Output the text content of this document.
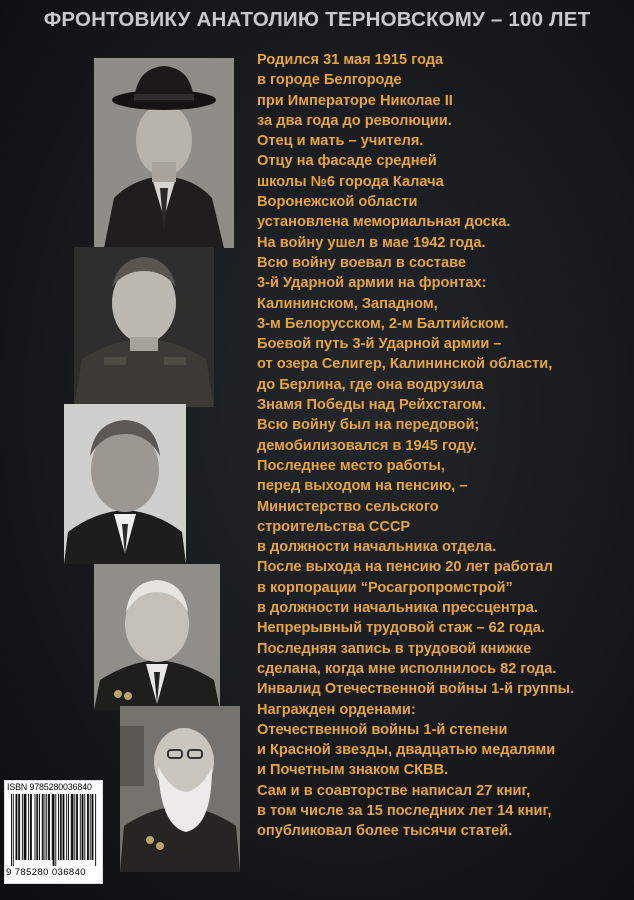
ФРОНТОВИКУ АНАТОЛИЮ ТЕРНОВСКОМУ – 100 ЛЕТ
Родился 31 мая 1915 года
в городе Белгороде
при Императоре Николае II
за два года до революции.
Отец и мать – учителя.
Отцу на фасаде средней
школы №6 города Калача
Воронежской области
установлена мемориальная доска.
На войну ушел в мае 1942 года.
Всю войну воевал в составе
3-й Ударной армии на фронтах:
Калининском, Западном,
3-м Белорусском, 2-м Балтийском.
Боевой путь 3-й Ударной армии –
от озера Селигер, Калининской области,
до Берлина, где она водрузила
Знамя Победы над Рейхстагом.
Всю войну был на передовой;
демобилизовался в 1945 году.
Последнее место работы,
перед выходом на пенсию, –
Министерство сельского
строительства СССР
в должности начальника отдела.
После выхода на пенсию 20 лет работал
в корпорации “Росагропромстрой”
в должности начальника прессцентра.
Непрерывный трудовой стаж – 62 года.
Последняя запись в трудовой книжке
сделана, когда мне исполнилось 82 года.
Инвалид Отечественной войны 1-й группы.
Награжден орденами:
Отечественной войны 1-й степени
и Красной звезды, двадцатью медалями
и Почетным знаком СКВВ.
Сам и в соавторстве написал 27 книг,
в том числе за 15 последних лет 14 книг,
опубликовал более тысячи статей.
ISBN 9785280036840
9 785280 036840
